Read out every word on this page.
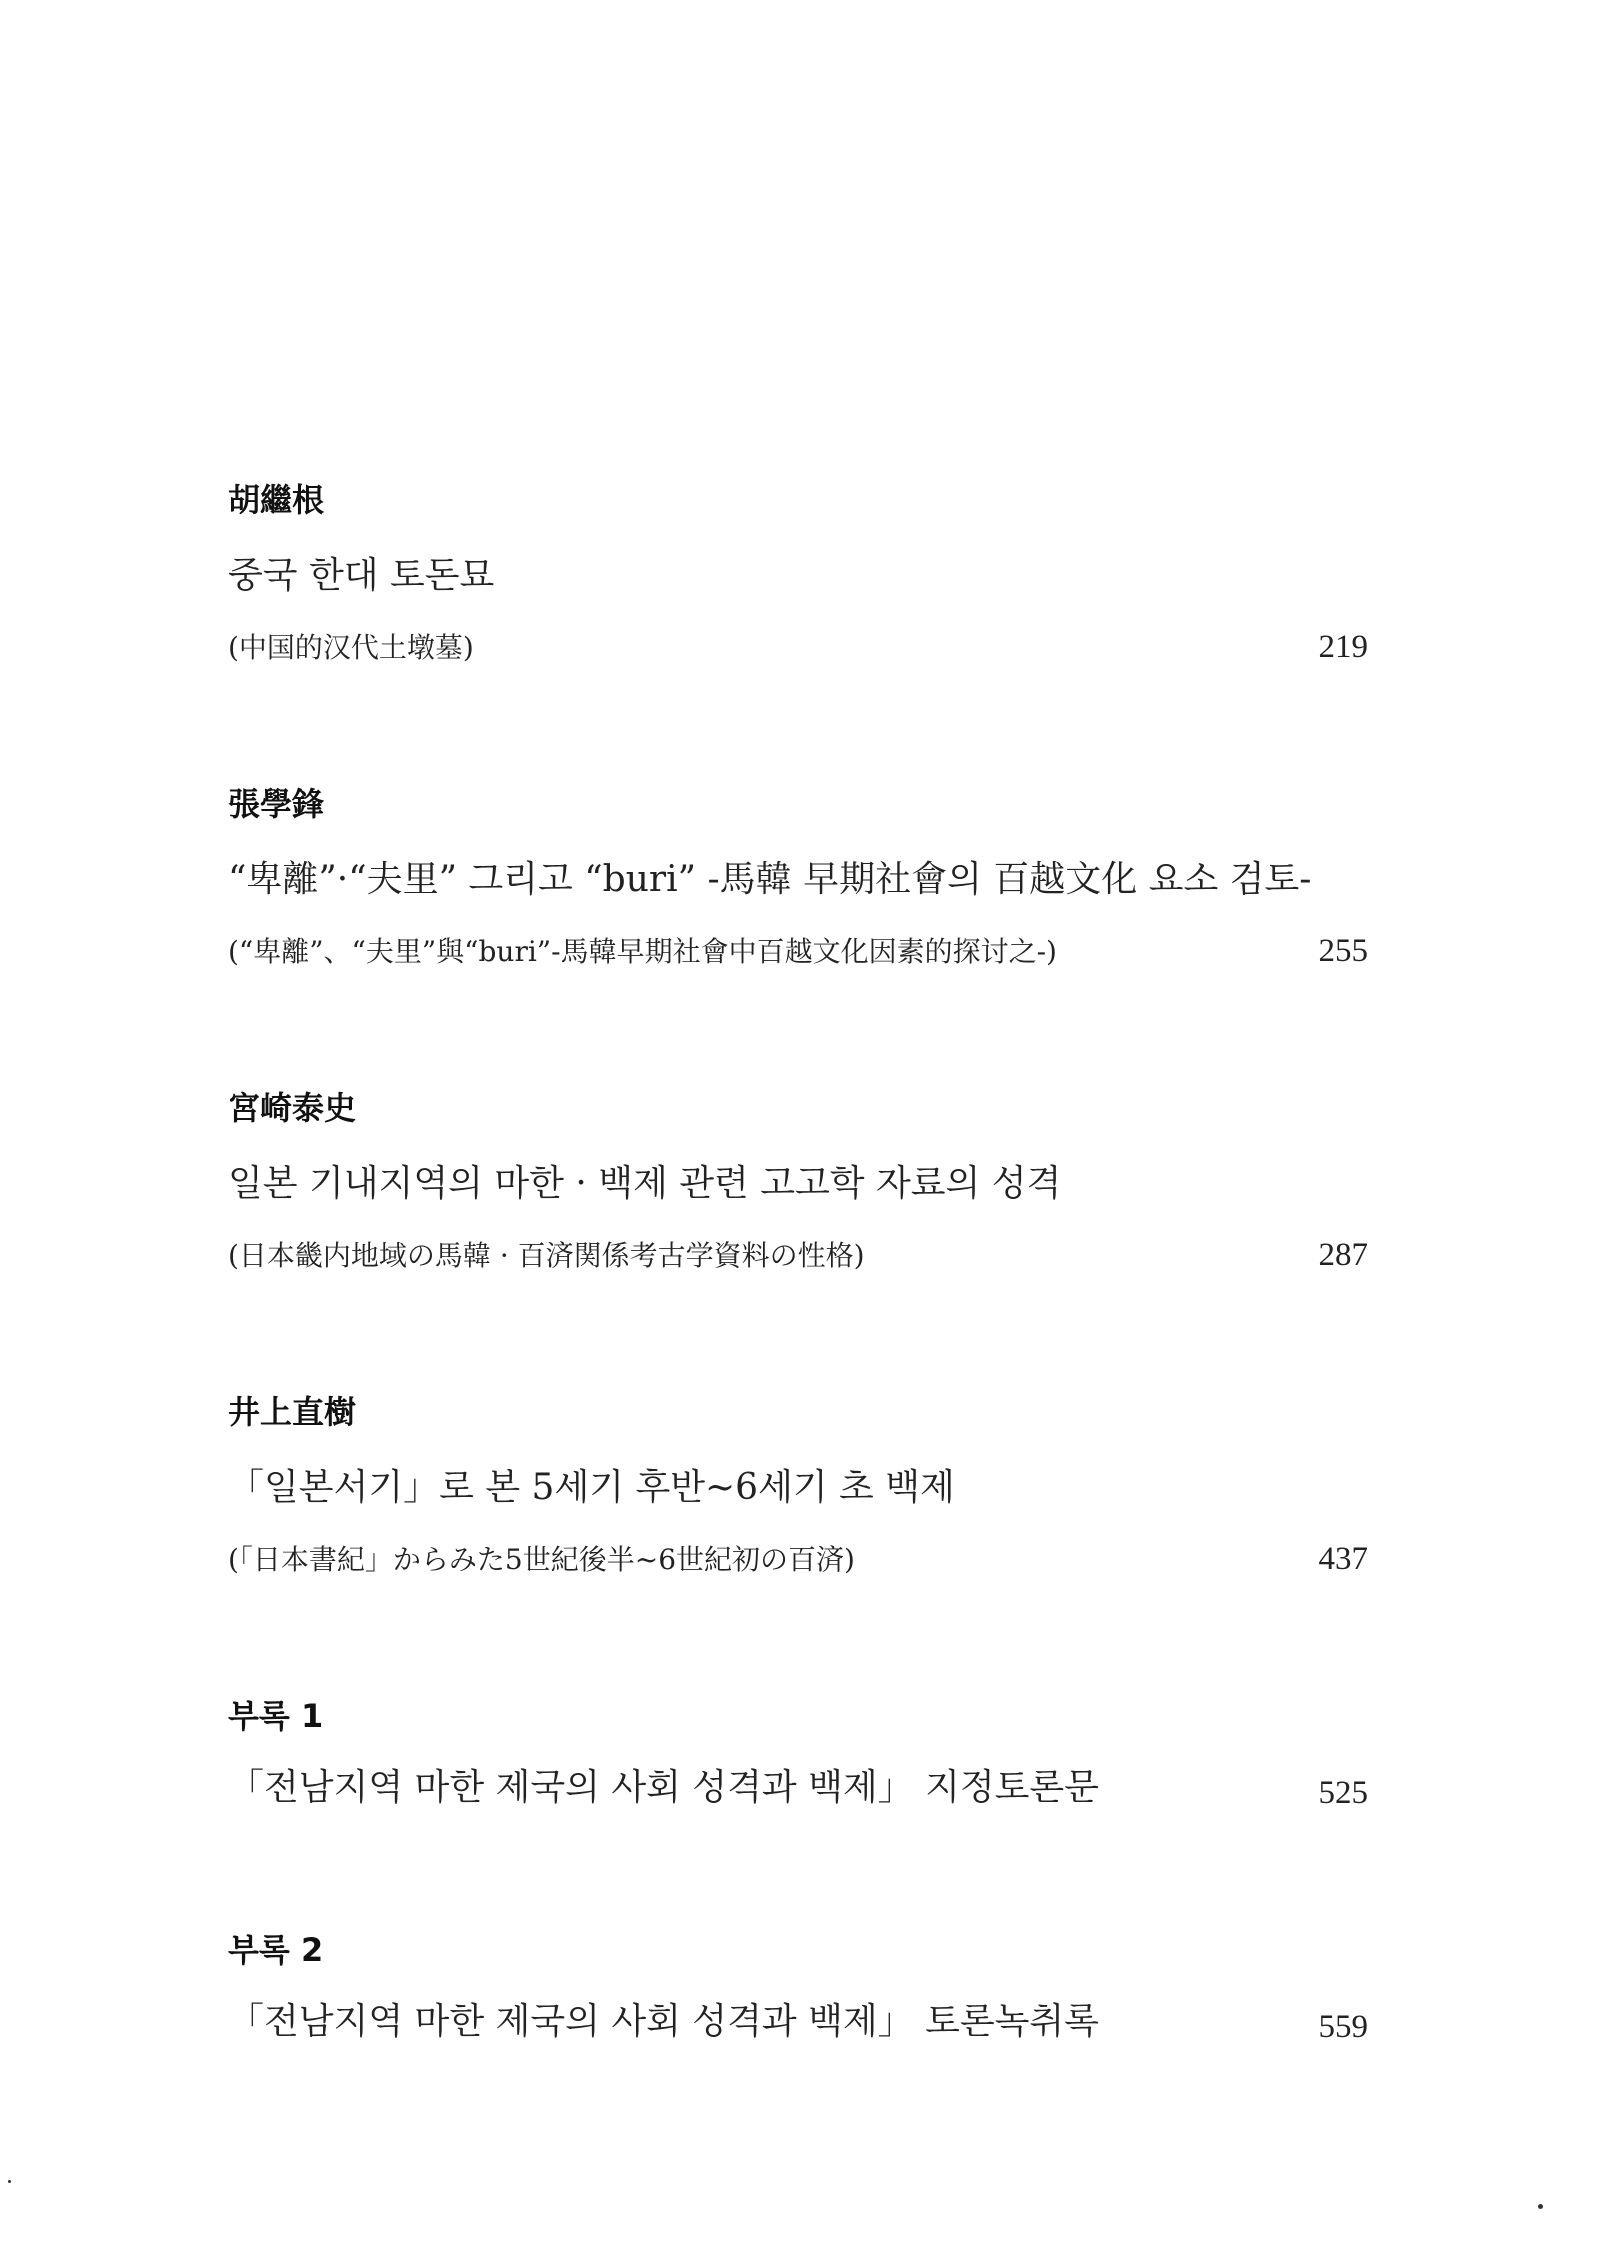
胡繼根
중국 한대 토돈묘
(中国的汉代土墩墓)	219
張學鋒
“卑離”·“夫里” 그리고 “buri” -馬韓 早期社會의 百越文化 요소 검토-
(“卑離”、“夫里”與“buri”-馬韓早期社會中百越文化因素的探讨之-)	255
宮崎泰史
일본 기내지역의 마한 · 백제 관련 고고학 자료의 성격
(日本畿内地域の馬韓 · 百済関係考古学資料の性格)	287
井上直樹
「일본서기」로 본 5세기 후반~6세기 초 백제
(「日本書紀」からみた5世紀後半~6世紀初の百済)	437
부록 1
「전남지역 마한 제국의 사회 성격과 백제」 지정토론문	525
부록 2
「전남지역 마한 제국의 사회 성격과 백제」 토론녹취록	559
